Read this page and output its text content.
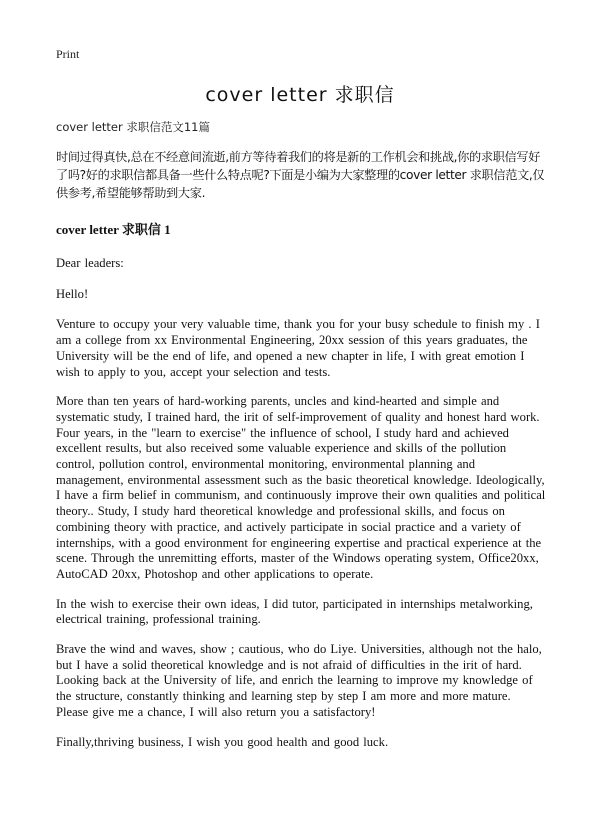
Print
cover letter 求职信

cover letter 求职信范文11篇

时间过得真快,总在不经意间流逝,前方等待着我们的将是新的工作机会和挑战,你的求职信写好了吗?好的求职信都具备一些什么特点呢?下面是小编为大家整理的cover letter 求职信范文,仅供参考,希望能够帮助到大家.

cover letter 求职信 1

Dear leaders:

Hello!

Venture to occupy your very valuable time, thank you for your busy schedule to finish my . I am a college from xx Environmental Engineering, 20xx session of this years graduates, the University will be the end of life, and opened a new chapter in life, I with great emotion I wish to apply to you, accept your selection and tests.

More than ten years of hard-working parents, uncles and kind-hearted and simple and systematic study, I trained hard, the irit of self-improvement of quality and honest hard work. Four years, in the "learn to exercise" the influence of school, I study hard and achieved excellent results, but also received some valuable experience and skills of the pollution control, pollution control, environmental monitoring, environmental planning and management, environmental assessment such as the basic theoretical knowledge. Ideologically, I have a firm belief in communism, and continuously improve their own qualities and political theory.. Study, I study hard theoretical knowledge and professional skills, and focus on combining theory with practice, and actively participate in social practice and a variety of internships, with a good environment for engineering expertise and practical experience at the scene. Through the unremitting efforts, master of the Windows operating system, Office20xx, AutoCAD 20xx, Photoshop and other applications to operate.

In the wish to exercise their own ideas, I did tutor, participated in internships metalworking, electrical training, professional training.

Brave the wind and waves, show ; cautious, who do Liye. Universities, although not the halo, but I have a solid theoretical knowledge and is not afraid of difficulties in the irit of hard. Looking back at the University of life, and enrich the learning to improve my knowledge of the structure, constantly thinking and learning step by step I am more and more mature. Please give me a chance, I will also return you a satisfactory!

Finally,thriving business, I wish you good health and good luck.
